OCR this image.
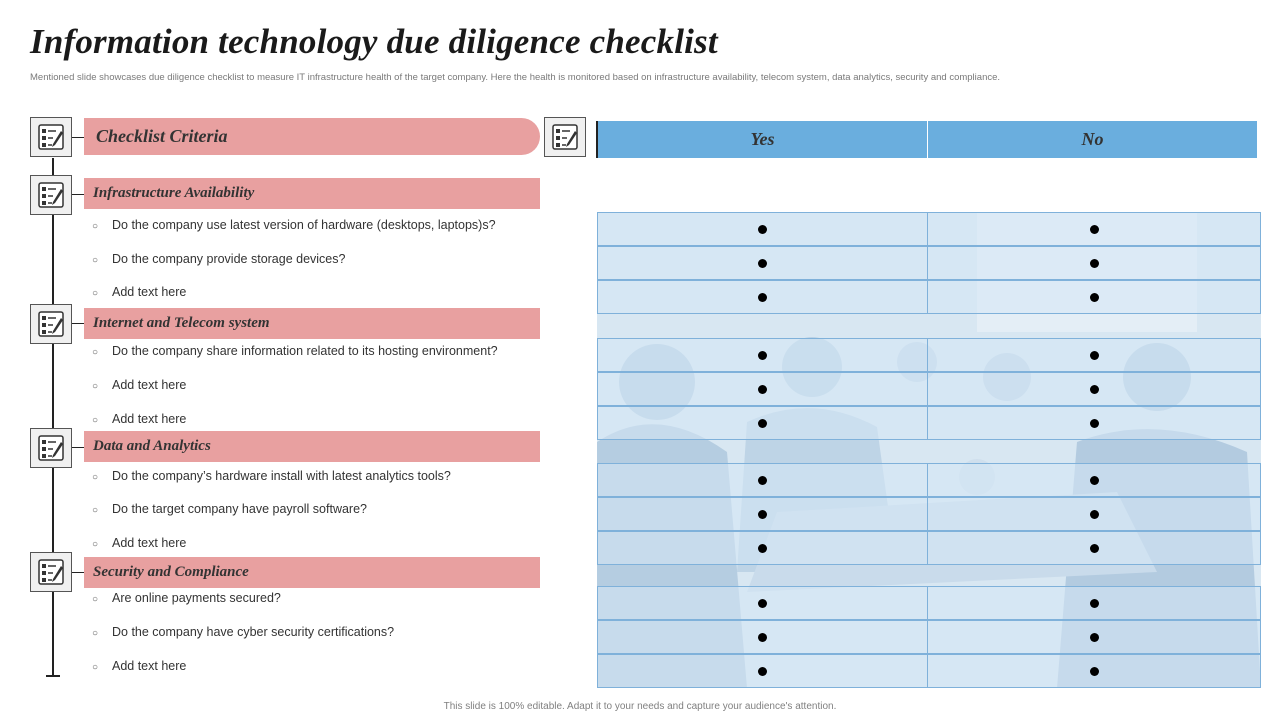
Information technology due diligence checklist
Mentioned slide showcases due diligence checklist to measure IT infrastructure health of the target company. Here the health is monitored based on infrastructure availability, telecom system, data analytics, security and compliance.
Checklist Criteria	Yes	No
Infrastructure Availability
○ Do the company use latest version of hardware (desktops, laptops)s?
○ Do the company provide storage devices?
○ Add text here
Internet and Telecom system
○ Do the company share information related to its hosting environment?
○ Add text here
○ Add text here
Data and Analytics
○ Do the company’s hardware install with latest analytics tools?
○ Do the target company have payroll software?
○ Add text here
Security and Compliance
○ Are online payments secured?
○ Do the company have cyber security certifications?
○ Add text here
This slide is 100% editable. Adapt it to your needs and capture your audience's attention.
